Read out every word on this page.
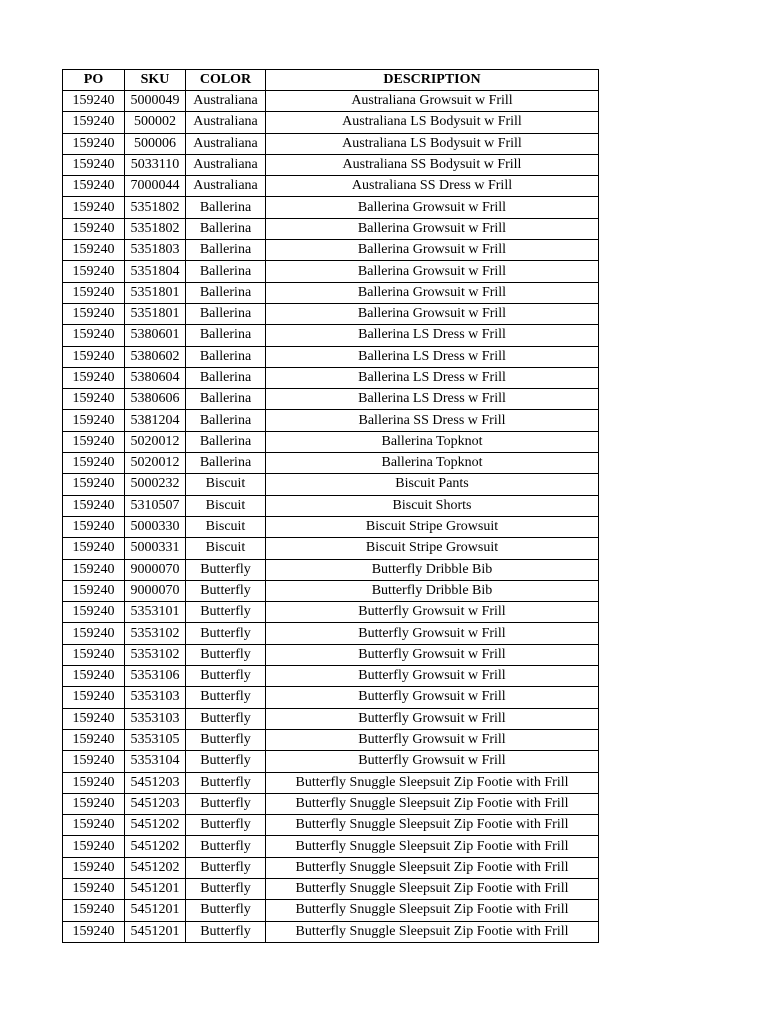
PO	SKU	COLOR	DESCRIPTION
159240	5000049	Australiana	Australiana Growsuit w Frill
159240	500002	Australiana	Australiana LS Bodysuit w Frill
159240	500006	Australiana	Australiana LS Bodysuit w Frill
159240	5033110	Australiana	Australiana SS Bodysuit w Frill
159240	7000044	Australiana	Australiana SS Dress w Frill
159240	5351802	Ballerina	Ballerina Growsuit w Frill
159240	5351802	Ballerina	Ballerina Growsuit w Frill
159240	5351803	Ballerina	Ballerina Growsuit w Frill
159240	5351804	Ballerina	Ballerina Growsuit w Frill
159240	5351801	Ballerina	Ballerina Growsuit w Frill
159240	5351801	Ballerina	Ballerina Growsuit w Frill
159240	5380601	Ballerina	Ballerina LS Dress w Frill
159240	5380602	Ballerina	Ballerina LS Dress w Frill
159240	5380604	Ballerina	Ballerina LS Dress w Frill
159240	5380606	Ballerina	Ballerina LS Dress w Frill
159240	5381204	Ballerina	Ballerina SS Dress w Frill
159240	5020012	Ballerina	Ballerina Topknot
159240	5020012	Ballerina	Ballerina Topknot
159240	5000232	Biscuit	Biscuit Pants
159240	5310507	Biscuit	Biscuit Shorts
159240	5000330	Biscuit	Biscuit Stripe Growsuit
159240	5000331	Biscuit	Biscuit Stripe Growsuit
159240	9000070	Butterfly	Butterfly Dribble Bib
159240	9000070	Butterfly	Butterfly Dribble Bib
159240	5353101	Butterfly	Butterfly Growsuit w Frill
159240	5353102	Butterfly	Butterfly Growsuit w Frill
159240	5353102	Butterfly	Butterfly Growsuit w Frill
159240	5353106	Butterfly	Butterfly Growsuit w Frill
159240	5353103	Butterfly	Butterfly Growsuit w Frill
159240	5353103	Butterfly	Butterfly Growsuit w Frill
159240	5353105	Butterfly	Butterfly Growsuit w Frill
159240	5353104	Butterfly	Butterfly Growsuit w Frill
159240	5451203	Butterfly	Butterfly Snuggle Sleepsuit Zip Footie with Frill
159240	5451203	Butterfly	Butterfly Snuggle Sleepsuit Zip Footie with Frill
159240	5451202	Butterfly	Butterfly Snuggle Sleepsuit Zip Footie with Frill
159240	5451202	Butterfly	Butterfly Snuggle Sleepsuit Zip Footie with Frill
159240	5451202	Butterfly	Butterfly Snuggle Sleepsuit Zip Footie with Frill
159240	5451201	Butterfly	Butterfly Snuggle Sleepsuit Zip Footie with Frill
159240	5451201	Butterfly	Butterfly Snuggle Sleepsuit Zip Footie with Frill
159240	5451201	Butterfly	Butterfly Snuggle Sleepsuit Zip Footie with Frill
